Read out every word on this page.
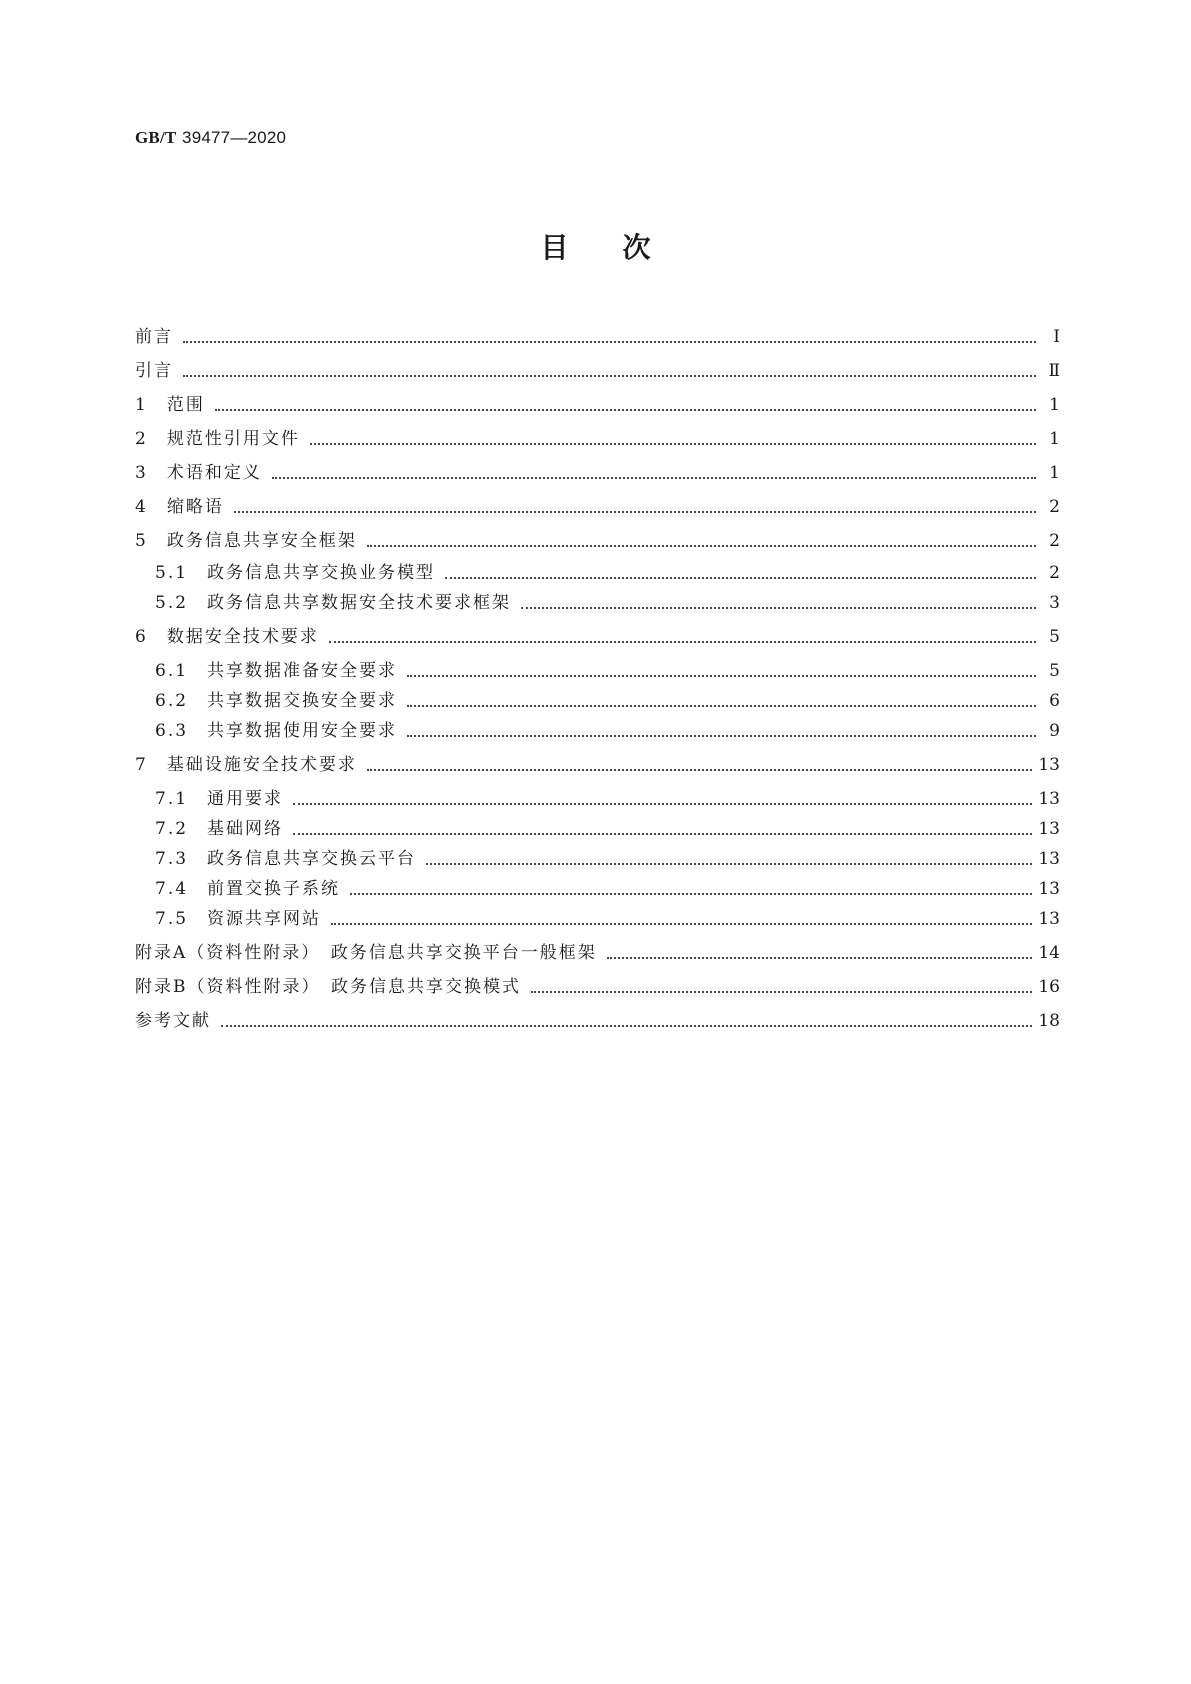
GB/T 39477—2020
目次
前言	Ⅰ
引言	Ⅱ
1　范围	1
2　规范性引用文件	1
3　术语和定义	1
4　缩略语	2
5　政务信息共享安全框架	2
5.1　政务信息共享交换业务模型	2
5.2　政务信息共享数据安全技术要求框架	3
6　数据安全技术要求	5
6.1　共享数据准备安全要求	5
6.2　共享数据交换安全要求	6
6.3　共享数据使用安全要求	9
7　基础设施安全技术要求	13
7.1　通用要求	13
7.2　基础网络	13
7.3　政务信息共享交换云平台	13
7.4　前置交换子系统	13
7.5　资源共享网站	13
附录A（资料性附录）　政务信息共享交换平台一般框架	14
附录B（资料性附录）　政务信息共享交换模式	16
参考文献	18
